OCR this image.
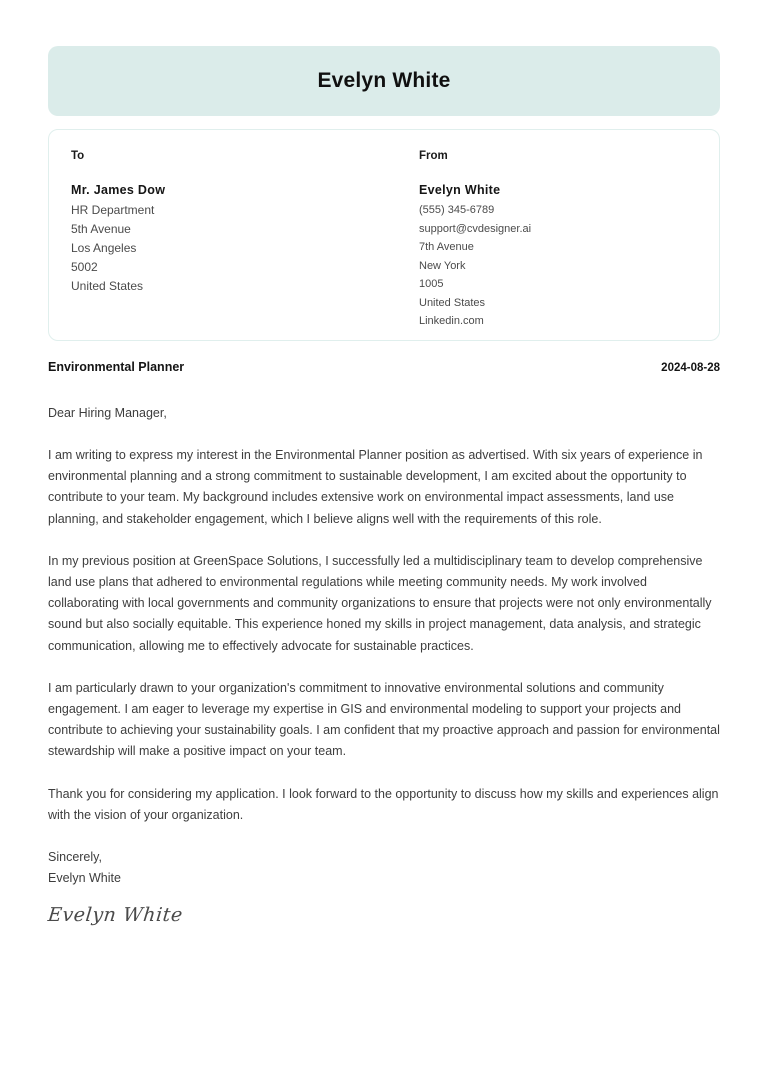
Evelyn White
To
Mr. James Dow
HR Department
5th Avenue
Los Angeles
5002
United States
From
Evelyn White
(555) 345-6789
support@cvdesigner.ai
7th Avenue
New York
1005
United States
Linkedin.com
Environmental Planner	2024-08-28
Dear Hiring Manager,
I am writing to express my interest in the Environmental Planner position as advertised. With six years of experience in environmental planning and a strong commitment to sustainable development, I am excited about the opportunity to contribute to your team. My background includes extensive work on environmental impact assessments, land use planning, and stakeholder engagement, which I believe aligns well with the requirements of this role.
In my previous position at GreenSpace Solutions, I successfully led a multidisciplinary team to develop comprehensive land use plans that adhered to environmental regulations while meeting community needs. My work involved collaborating with local governments and community organizations to ensure that projects were not only environmentally sound but also socially equitable. This experience honed my skills in project management, data analysis, and strategic communication, allowing me to effectively advocate for sustainable practices.
I am particularly drawn to your organization's commitment to innovative environmental solutions and community engagement. I am eager to leverage my expertise in GIS and environmental modeling to support your projects and contribute to achieving your sustainability goals. I am confident that my proactive approach and passion for environmental stewardship will make a positive impact on your team.
Thank you for considering my application. I look forward to the opportunity to discuss how my skills and experiences align with the vision of your organization.
Sincerely,
Evelyn White
Evelyn White
